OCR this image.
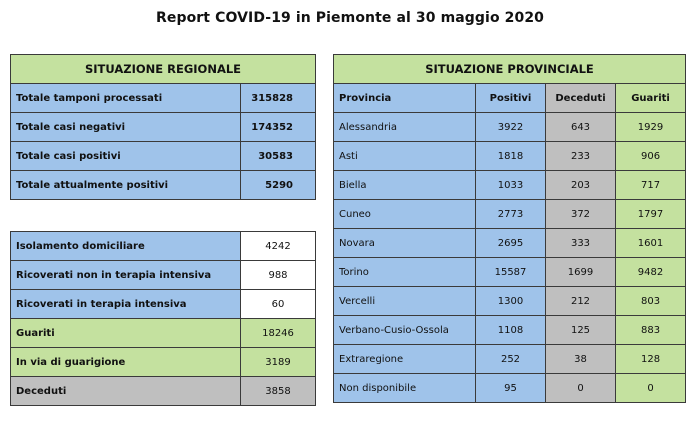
Report COVID-19 in Piemonte al 30 maggio 2020
SITUAZIONE REGIONALE	
Totale tamponi processati	315828
Totale casi negativi	174352
Totale casi positivi	30583
Totale attualmente positivi	5290
Isolamento domiciliare	4242
Ricoverati non in terapia intensiva	988
Ricoverati in terapia intensiva	60
Guariti	18246
In via di guarigione	3189
Deceduti	3858
SITUAZIONE PROVINCIALE			
Provincia	Positivi	Deceduti	Guariti
Alessandria	3922	643	1929
Asti	1818	233	906
Biella	1033	203	717
Cuneo	2773	372	1797
Novara	2695	333	1601
Torino	15587	1699	9482
Vercelli	1300	212	803
Verbano-Cusio-Ossola	1108	125	883
Extraregione	252	38	128
Non disponibile	95	0	0
